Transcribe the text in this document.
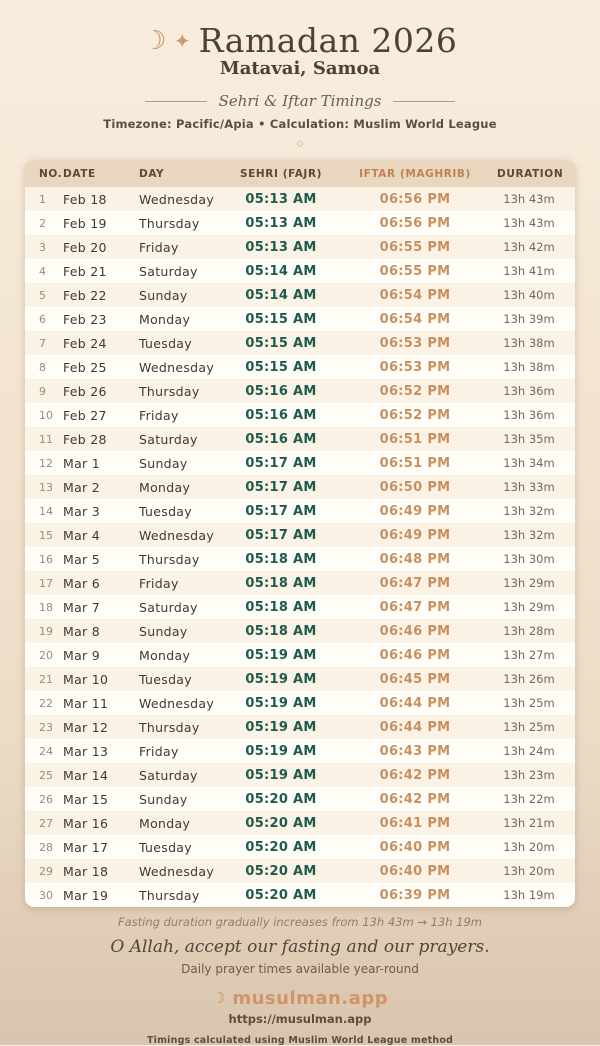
☾ ✦ Ramadan 2026
Matavai, Samoa
Sehri & Iftar Timings
Timezone: Pacific/Apia • Calculation: Muslim World League
◇
NO. DATE	DAY	SEHRI (FAJR)	IFTAR (MAGHRIB)	DURATION
1	Feb 18	Wednesday	05:13 AM	06:56 PM	13h 43m
2	Feb 19	Thursday	05:13 AM	06:56 PM	13h 43m
3	Feb 20	Friday	05:13 AM	06:55 PM	13h 42m
4	Feb 21	Saturday	05:14 AM	06:55 PM	13h 41m
5	Feb 22	Sunday	05:14 AM	06:54 PM	13h 40m
6	Feb 23	Monday	05:15 AM	06:54 PM	13h 39m
7	Feb 24	Tuesday	05:15 AM	06:53 PM	13h 38m
8	Feb 25	Wednesday	05:15 AM	06:53 PM	13h 38m
9	Feb 26	Thursday	05:16 AM	06:52 PM	13h 36m
10 Feb 27	Friday	05:16 AM	06:52 PM	13h 36m
11 Feb 28	Saturday	05:16 AM	06:51 PM	13h 35m
12 Mar 1	Sunday	05:17 AM	06:51 PM	13h 34m
13 Mar 2	Monday	05:17 AM	06:50 PM	13h 33m
14 Mar 3	Tuesday	05:17 AM	06:49 PM	13h 32m
15 Mar 4	Wednesday	05:17 AM	06:49 PM	13h 32m
16 Mar 5	Thursday	05:18 AM	06:48 PM	13h 30m
17 Mar 6	Friday	05:18 AM	06:47 PM	13h 29m
18 Mar 7	Saturday	05:18 AM	06:47 PM	13h 29m
19 Mar 8	Sunday	05:18 AM	06:46 PM	13h 28m
20 Mar 9	Monday	05:19 AM	06:46 PM	13h 27m
21 Mar 10	Tuesday	05:19 AM	06:45 PM	13h 26m
22 Mar 11	Wednesday	05:19 AM	06:44 PM	13h 25m
23 Mar 12	Thursday	05:19 AM	06:44 PM	13h 25m
24 Mar 13	Friday	05:19 AM	06:43 PM	13h 24m
25 Mar 14	Saturday	05:19 AM	06:42 PM	13h 23m
26 Mar 15	Sunday	05:20 AM	06:42 PM	13h 22m
27 Mar 16	Monday	05:20 AM	06:41 PM	13h 21m
28 Mar 17	Tuesday	05:20 AM	06:40 PM	13h 20m
29 Mar 18	Wednesday	05:20 AM	06:40 PM	13h 20m
30 Mar 19	Thursday	05:20 AM	06:39 PM	13h 19m
Fasting duration gradually increases from 13h 43m → 13h 19m
O Allah, accept our fasting and our prayers.
Daily prayer times available year-round
☾ musulman.app
https://musulman.app
Timings calculated using Muslim World League method
